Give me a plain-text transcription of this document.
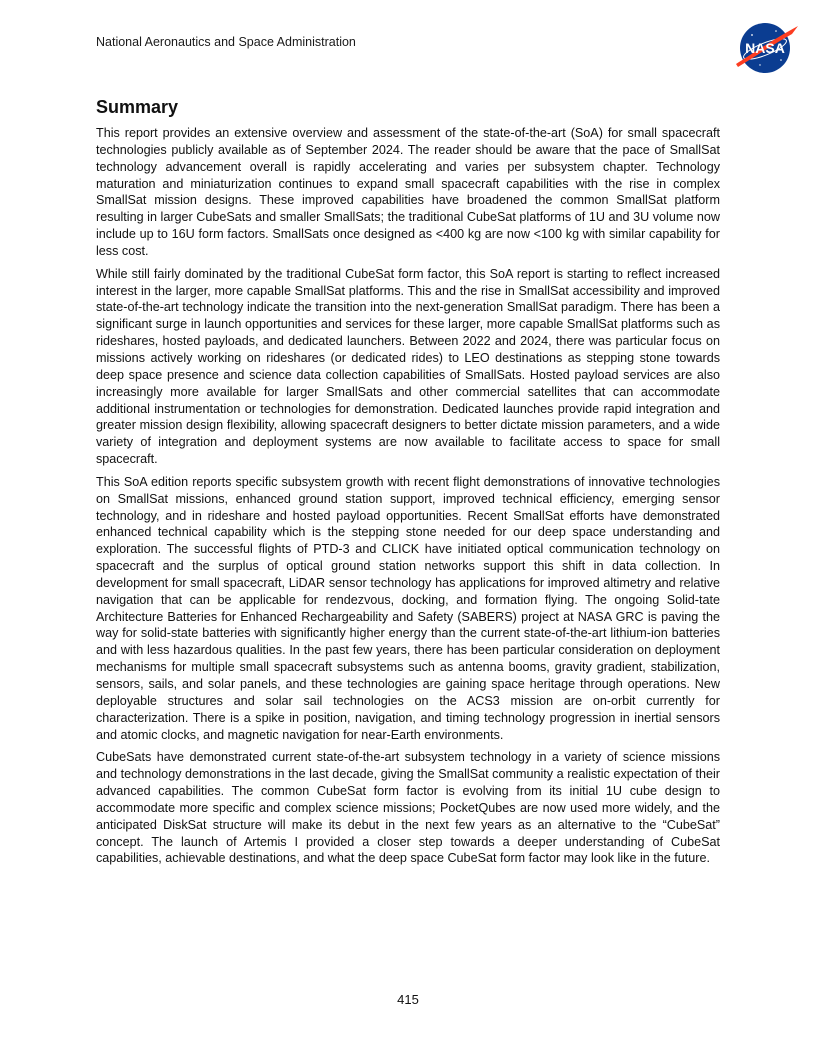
National Aeronautics and Space Administration	NASA
Summary

This report provides an extensive overview and assessment of the state-of-the-art (SoA) for small spacecraft technologies publicly available as of September 2024. The reader should be aware that the pace of SmallSat technology advancement overall is rapidly accelerating and varies per subsystem chapter. Technology maturation and miniaturization continues to expand small spacecraft capabilities with the rise in complex SmallSat mission designs. These improved capabilities have broadened the common SmallSat platform resulting in larger CubeSats and smaller SmallSats; the traditional CubeSat platforms of 1U and 3U volume now include up to 16U form factors. SmallSats once designed as <400 kg are now <100 kg with similar capability for less cost.

While still fairly dominated by the traditional CubeSat form factor, this SoA report is starting to reflect increased interest in the larger, more capable SmallSat platforms. This and the rise in SmallSat accessibility and improved state-of-the-art technology indicate the transition into the next-generation SmallSat paradigm. There has been a significant surge in launch opportunities and services for these larger, more capable SmallSat platforms such as rideshares, hosted payloads, and dedicated launchers. Between 2022 and 2024, there was particular focus on missions actively working on rideshares (or dedicated rides) to LEO destinations as stepping stone towards deep space presence and science data collection capabilities of SmallSats. Hosted payload services are also increasingly more available for larger SmallSats and other commercial satellites that can accommodate additional instrumentation or technologies for demonstration. Dedicated launches provide rapid integration and greater mission design flexibility, allowing spacecraft designers to better dictate mission parameters, and a wide variety of integration and deployment systems are now available to facilitate access to space for small spacecraft.

This SoA edition reports specific subsystem growth with recent flight demonstrations of innovative technologies on SmallSat missions, enhanced ground station support, improved technical efficiency, emerging sensor technology, and in rideshare and hosted payload opportunities. Recent SmallSat efforts have demonstrated enhanced technical capability which is the stepping stone needed for our deep space understanding and exploration. The successful flights of PTD-3 and CLICK have initiated optical communication technology on spacecraft and the surplus of optical ground station networks support this shift in data collection. In development for small spacecraft, LiDAR sensor technology has applications for improved altimetry and relative navigation that can be applicable for rendezvous, docking, and formation flying. The ongoing Solid-tate Architecture Batteries for Enhanced Rechargeability and Safety (SABERS) project at NASA GRC is paving the way for solid-state batteries with significantly higher energy than the current state-of-the-art lithium-ion batteries and with less hazardous qualities. In the past few years, there has been particular consideration on deployment mechanisms for multiple small spacecraft subsystems such as antenna booms, gravity gradient, stabilization, sensors, sails, and solar panels, and these technologies are gaining space heritage through operations. New deployable structures and solar sail technologies on the ACS3 mission are on-orbit currently for characterization. There is a spike in position, navigation, and timing technology progression in inertial sensors and atomic clocks, and magnetic navigation for near-Earth environments.

CubeSats have demonstrated current state-of-the-art subsystem technology in a variety of science missions and technology demonstrations in the last decade, giving the SmallSat community a realistic expectation of their advanced capabilities. The common CubeSat form factor is evolving from its initial 1U cube design to accommodate more specific and complex science missions; PocketQubes are now used more widely, and the anticipated DiskSat structure will make its debut in the next few years as an alternative to the “CubeSat” concept. The launch of Artemis I provided a closer step towards a deeper understanding of CubeSat capabilities, achievable destinations, and what the deep space CubeSat form factor may look like in the future.

415
